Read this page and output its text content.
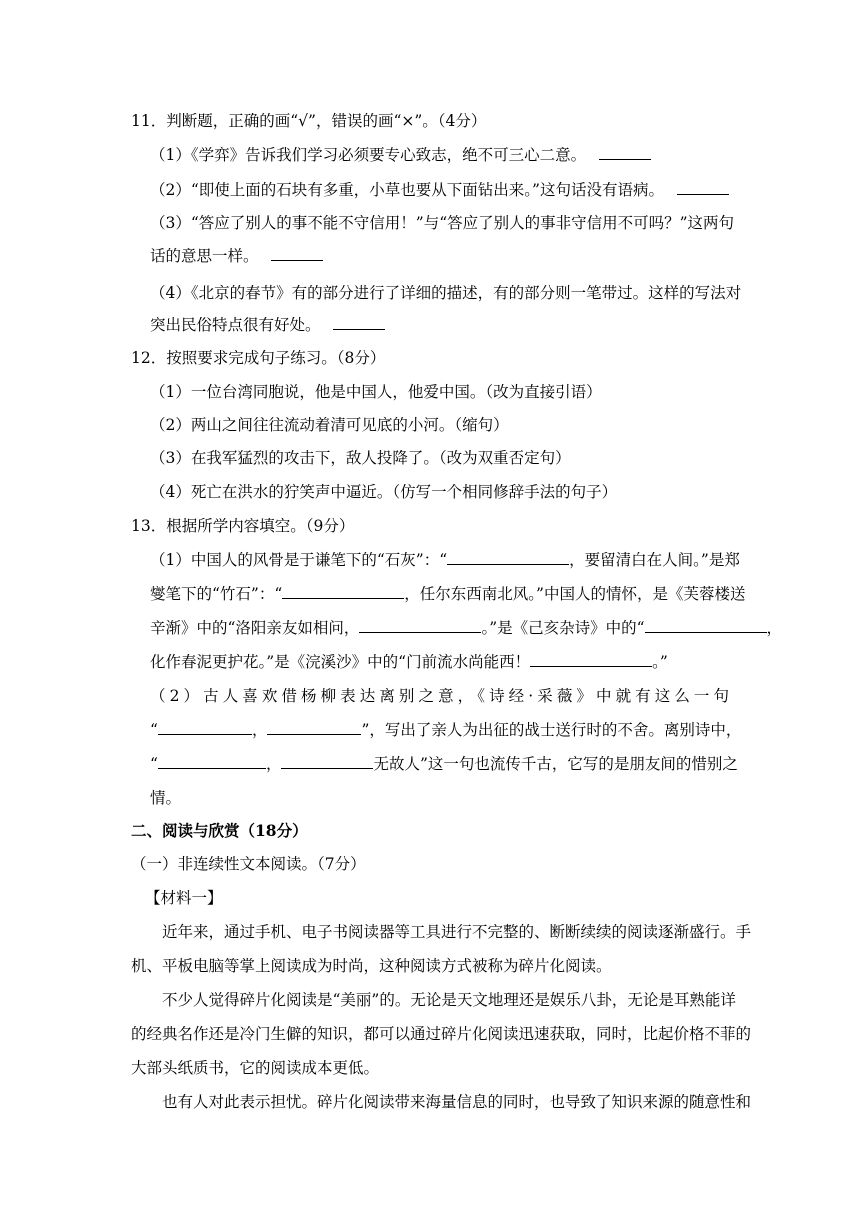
11．判断题，正确的画“√”，错误的画“×”。（4分）
（1）《学弈》告诉我们学习必须要专心致志，绝不可三心二意。
（2）“即使上面的石块有多重，小草也要从下面钻出来。”这句话没有语病。
（3）“答应了别人的事不能不守信用！”与“答应了别人的事非守信用不可吗？”这两句
话的意思一样。
（4）《北京的春节》有的部分进行了详细的描述，有的部分则一笔带过。这样的写法对
突出民俗特点很有好处。
12．按照要求完成句子练习。（8分）
（1）一位台湾同胞说，他是中国人，他爱中国。（改为直接引语）
（2）两山之间往往流动着清可见底的小河。（缩句）
（3）在我军猛烈的攻击下，敌人投降了。（改为双重否定句）
（4）死亡在洪水的狞笑声中逼近。（仿写一个相同修辞手法的句子）
13．根据所学内容填空。（9分）
（1）中国人的风骨是于谦笔下的“石灰”：“	，要留清白在人间。”是郑
燮笔下的“竹石”：“	，任尔东西南北风。”中国人的情怀，是《芙蓉楼送
辛渐》中的“洛阳亲友如相问，	。”是《己亥杂诗》中的“	，
化作春泥更护花。”是《浣溪沙》中的“门前流水尚能西！	。”
（2）古人喜欢借杨柳表达离别之意，《诗经·采薇》中就有这么一句
“	，	”，写出了亲人为出征的战士送行时的不舍。离别诗中，
“	，	无故人”这一句也流传千古，它写的是朋友间的惜别之
情。
二、阅读与欣赏（18分）
（一）非连续性文本阅读。（7分）
【材料一】
近年来，通过手机、电子书阅读器等工具进行不完整的、断断续续的阅读逐渐盛行。手
机、平板电脑等掌上阅读成为时尚，这种阅读方式被称为碎片化阅读。
不少人觉得碎片化阅读是“美丽”的。无论是天文地理还是娱乐八卦，无论是耳熟能详
的经典名作还是冷门生僻的知识，都可以通过碎片化阅读迅速获取，同时，比起价格不菲的
大部头纸质书，它的阅读成本更低。
也有人对此表示担忧。碎片化阅读带来海量信息的同时，也导致了知识来源的随意性和
